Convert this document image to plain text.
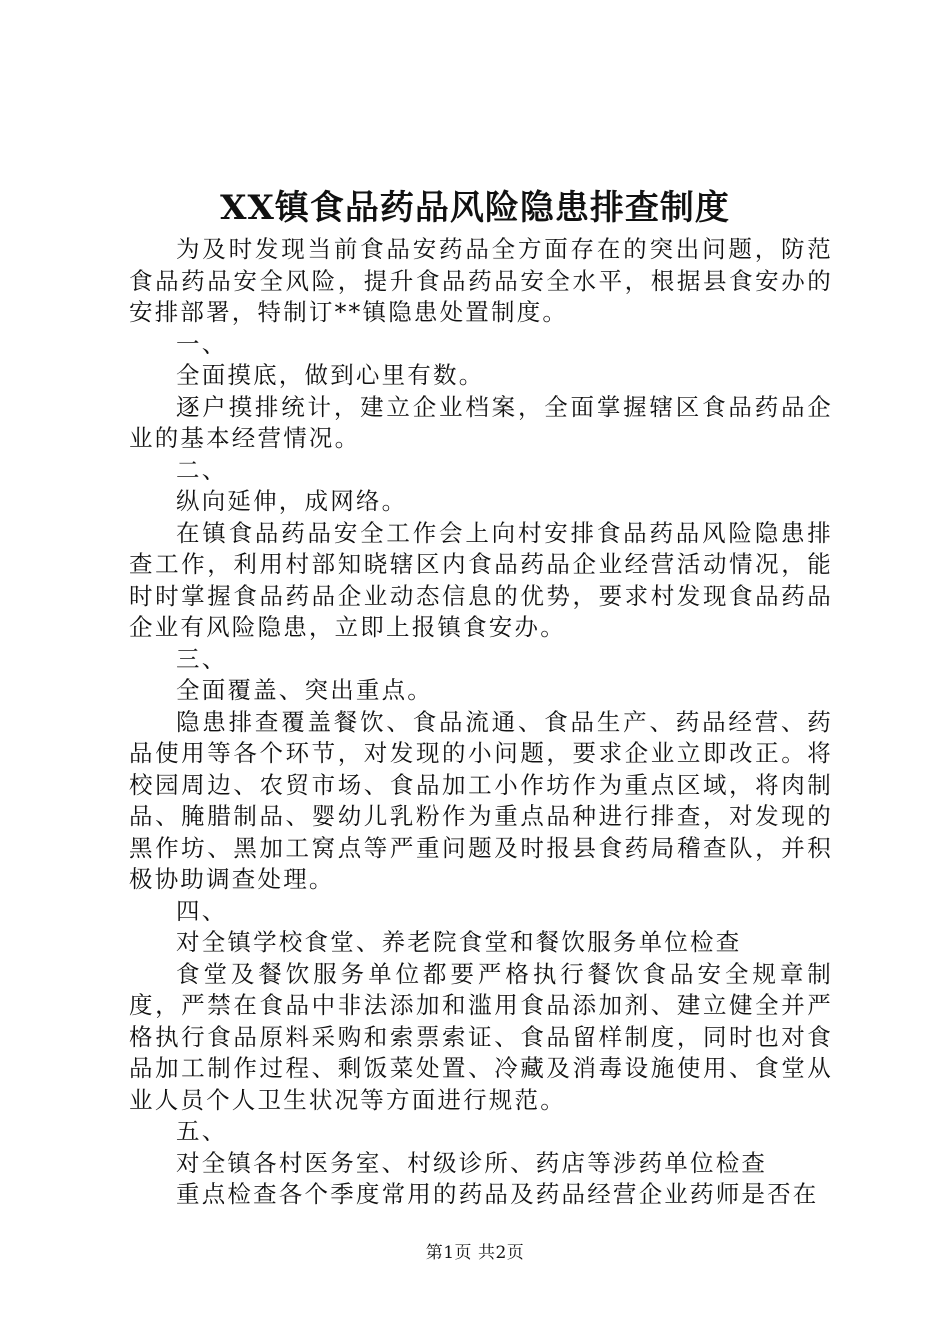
XX镇食品药品风险隐患排查制度

为及时发现当前食品安药品全方面存在的突出问题，防范食品药品安全风险，提升食品药品安全水平，根据县食安办的安排部署，特制订**镇隐患处置制度。

一、

全面摸底，做到心里有数。

逐户摸排统计，建立企业档案，全面掌握辖区食品药品企业的基本经营情况。

二、

纵向延伸，成网络。

在镇食品药品安全工作会上向村安排食品药品风险隐患排查工作，利用村部知晓辖区内食品药品企业经营活动情况，能时时掌握食品药品企业动态信息的优势，要求村发现食品药品企业有风险隐患，立即上报镇食安办。

三、

全面覆盖、突出重点。

隐患排查覆盖餐饮、食品流通、食品生产、药品经营、药品使用等各个环节，对发现的小问题，要求企业立即改正。将校园周边、农贸市场、食品加工小作坊作为重点区域，将肉制品、腌腊制品、婴幼儿乳粉作为重点品种进行排查，对发现的黑作坊、黑加工窝点等严重问题及时报县食药局稽查队，并积极协助调查处理。

四、

对全镇学校食堂、养老院食堂和餐饮服务单位检查

食堂及餐饮服务单位都要严格执行餐饮食品安全规章制度，严禁在食品中非法添加和滥用食品添加剂、建立健全并严格执行食品原料采购和索票索证、食品留样制度，同时也对食品加工制作过程、剩饭菜处置、冷藏及消毒设施使用、食堂从业人员个人卫生状况等方面进行规范。

五、

对全镇各村医务室、村级诊所、药店等涉药单位检查

重点检查各个季度常用的药品及药品经营企业药师是否在

第1页 共2页
